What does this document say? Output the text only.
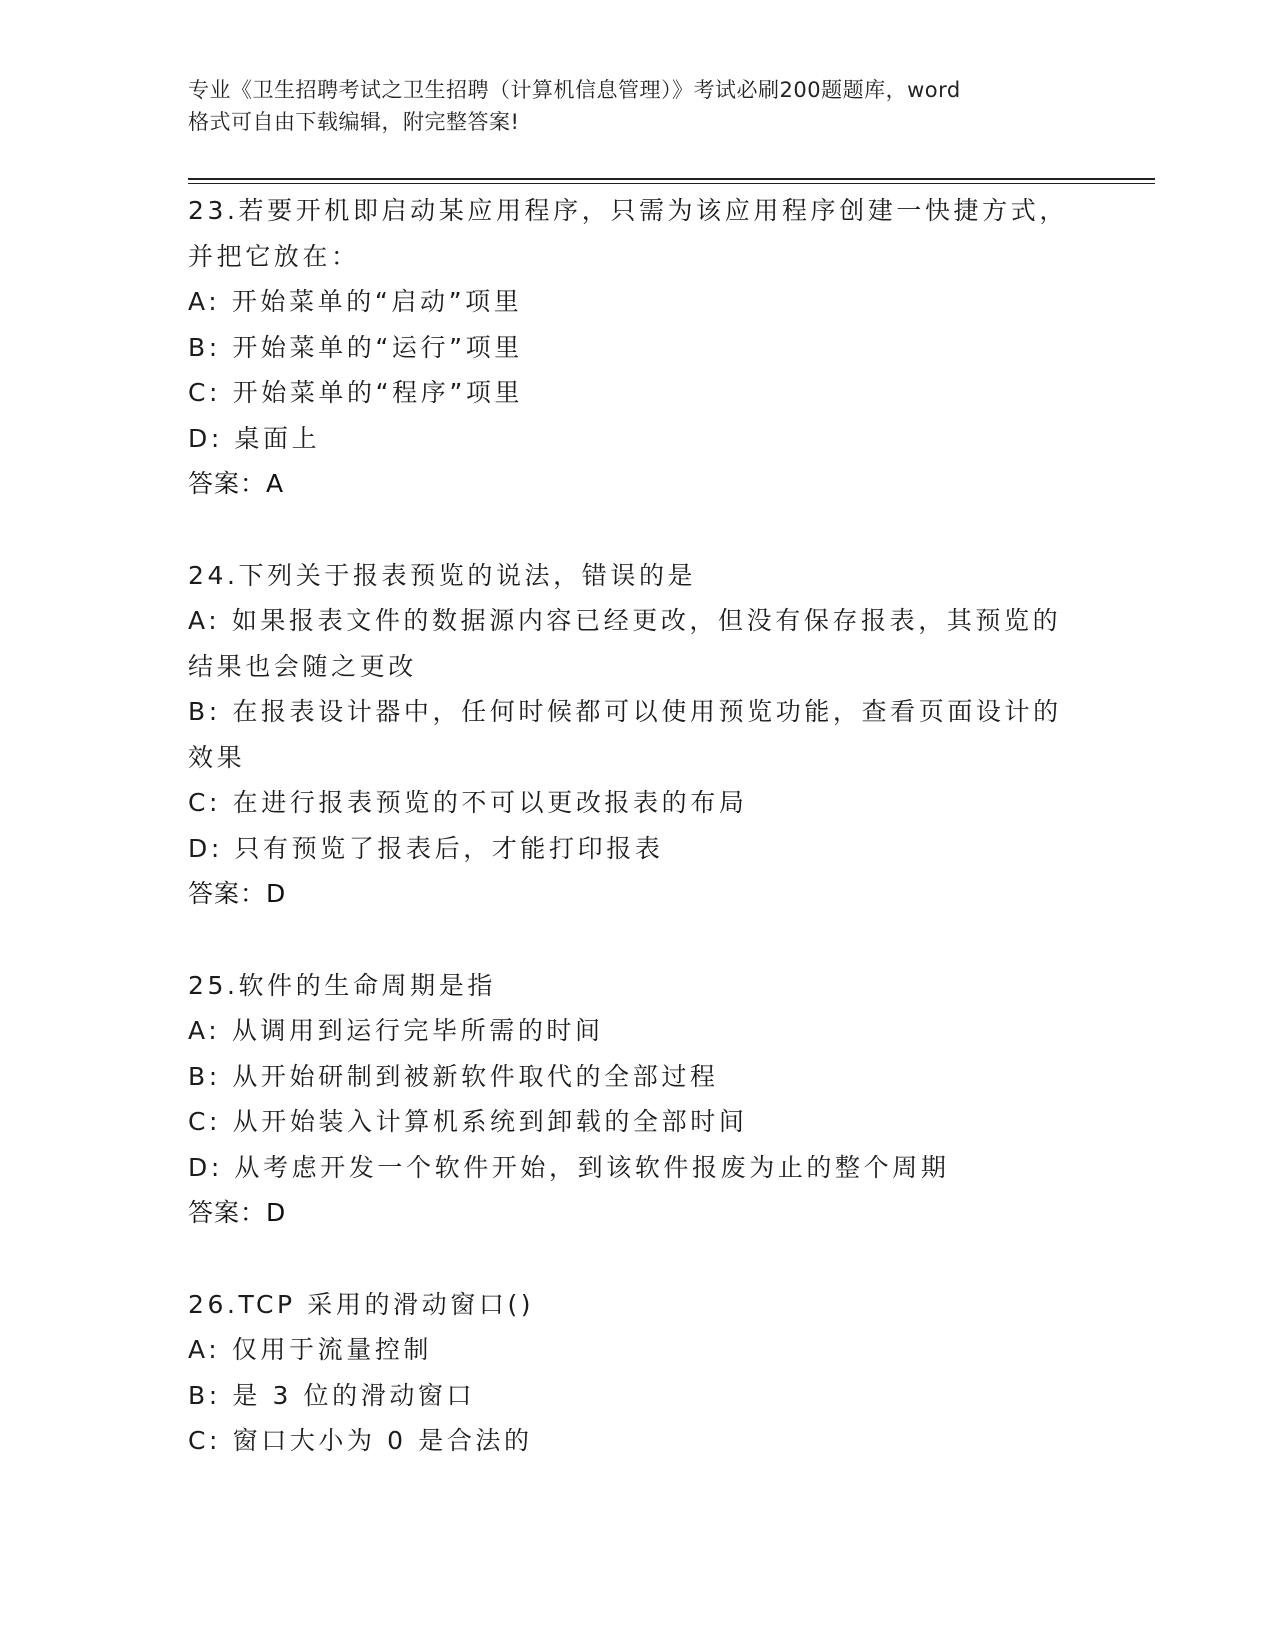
专业《卫生招聘考试之卫生招聘（计算机信息管理）》考试必刷200题题库，word
格式可自由下载编辑，附完整答案!
23.若要开机即启动某应用程序，只需为该应用程序创建一快捷方式，
并把它放在：
A: 开始菜单的“启动”项里
B: 开始菜单的“运行”项里
C: 开始菜单的“程序”项里
D: 桌面上
答案：A
24.下列关于报表预览的说法，错误的是
A: 如果报表文件的数据源内容已经更改，但没有保存报表，其预览的
结果也会随之更改
B: 在报表设计器中，任何时候都可以使用预览功能，查看页面设计的
效果
C: 在进行报表预览的不可以更改报表的布局
D: 只有预览了报表后，才能打印报表
答案：D
25.软件的生命周期是指
A: 从调用到运行完毕所需的时间
B: 从开始研制到被新软件取代的全部过程
C: 从开始装入计算机系统到卸载的全部时间
D: 从考虑开发一个软件开始，到该软件报废为止的整个周期
答案：D
26.TCP 采用的滑动窗口()
A: 仅用于流量控制
B: 是 3 位的滑动窗口
C: 窗口大小为 0 是合法的
